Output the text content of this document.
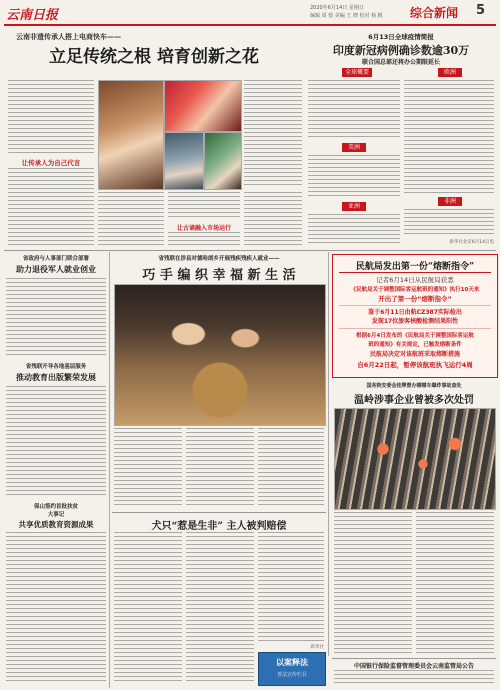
云南日报	2020年6月14日 星期日
编辑 周 蓉 美编 王 晓 校对 杨 帆 综合新闻 5
云南非遗传承人搭上电商快车——
立足传统之根 培育创新之花
让传承人为自己代言
让古诵融入市场运行
6月13日全球疫情简报
印度新冠病例确诊数逾30万
联合国总部还将办公期限延长
全球概要
美洲
亚洲
欧洲
非洲
新华社北京6月14日电
省政府与人事部门联合部署
助力退役军人就业创业
省残联开导各地基层服务
推动教育出版繁荣发展
保山签约首批扶贫
大事记
共享优质教育资源成果
省残联在涉县对德哈朗乡开展残疾残疾人就业——
巧 手 编 织 幸 福 新 生 活
犬只“惹是生非” 主人被判赔偿
新华社
以案释法
普法宣传栏目
民航局发出第一份“熔断指令”
记者6月14日从民航局获悉
《民航局关于调整国际客运航班的通知》执行10天来
开出了第一份“熔断指令”
鉴于6月11日由航CZ387实际检出
发现17位旅客核酸检测结果阳性
根据6月4日发布的《民航局关于调整国际客运航
班的通知》有关规定，已触发熔断条件
民航局决定对该航班采取熔断措施
自6月22日起，暂停该航班执飞运行4周
国务院安委会挂牌督办哪哪车爆炸事故查处
温岭涉事企业曾被多次处罚
中国银行保险监督管理委员会云南监管局公告
